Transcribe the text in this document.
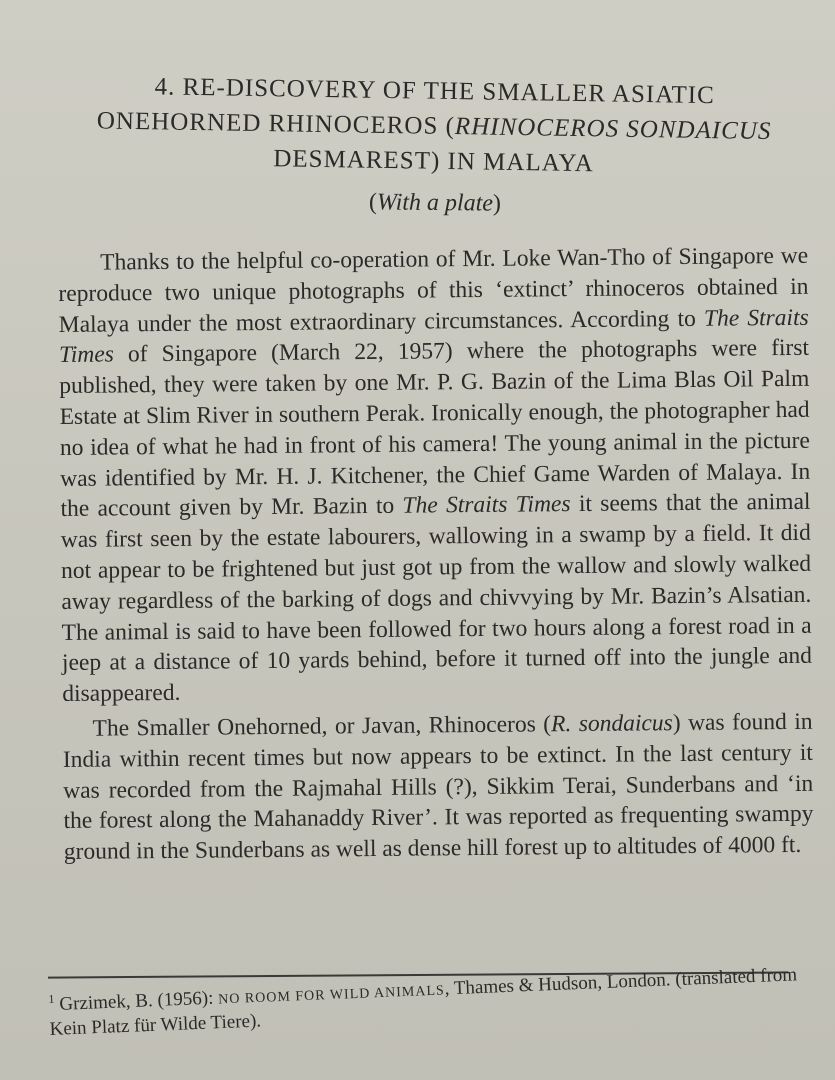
4. RE-DISCOVERY OF THE SMALLER ASIATIC
ONEHORNED RHINOCEROS (RHINOCEROS SONDAICUS
DESMAREST) IN MALAYA
(With a plate)

Thanks to the helpful co-operation of Mr. Loke Wan-Tho of Singapore we reproduce two unique photographs of this ‘extinct’ rhinoceros obtained in Malaya under the most extraordinary circumstances. According to The Straits Times of Singapore (March 22, 1957) where the photographs were first published, they were taken by one Mr. P. G. Bazin of the Lima Blas Oil Palm Estate at Slim River in southern Perak. Ironically enough, the photographer had no idea of what he had in front of his camera! The young animal in the picture was identified by Mr. H. J. Kitchener, the Chief Game Warden of Malaya. In the account given by Mr. Bazin to The Straits Times it seems that the animal was first seen by the estate labourers, wallowing in a swamp by a field. It did not appear to be frightened but just got up from the wallow and slowly walked away regardless of the barking of dogs and chivvying by Mr. Bazin’s Alsatian. The animal is said to have been followed for two hours along a forest road in a jeep at a distance of 10 yards behind, before it turned off into the jungle and disappeared.

The Smaller Onehorned, or Javan, Rhinoceros (R. sondaicus) was found in India within recent times but now appears to be extinct. In the last century it was recorded from the Rajmahal Hills (?), Sikkim Terai, Sunderbans and ‘in the forest along the Mahanaddy River’. It was reported as frequenting swampy ground in the Sunderbans as well as dense hill forest up to altitudes of 4000 ft.

$^1$ Grzimek, B. (1956): NO ROOM FOR WILD ANIMALS, Thames & Hudson, London. (translated from Kein Platz für Wilde Tiere).
